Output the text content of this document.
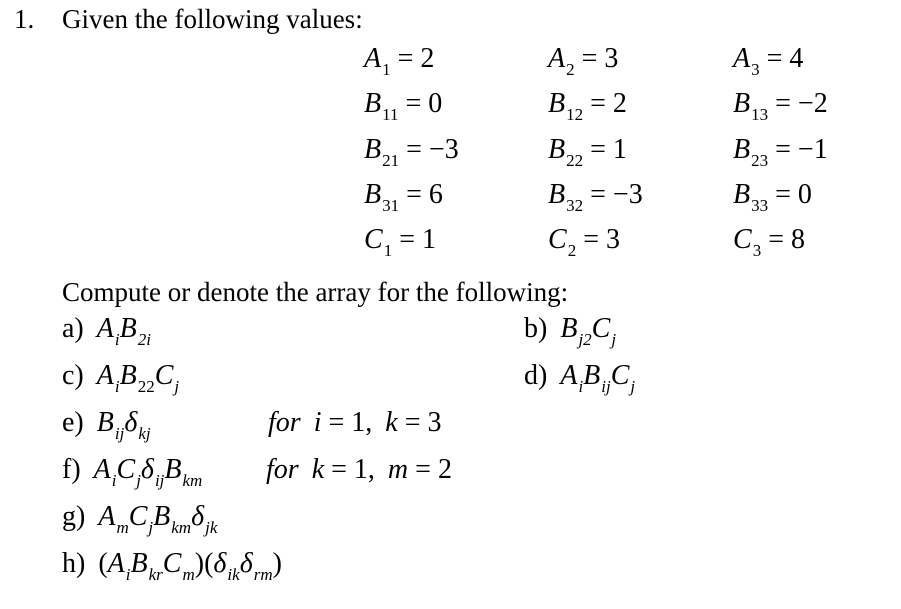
1. Given the following values:
$A_1 = 2$	$A_2 = 3$	$A_3 = 4$
$B_{11} = 0$	$B_{12} = 2$	$B_{13} = -2$
$B_{21} = -3$	$B_{22} = 1$	$B_{23} = -1$
$B_{31} = 6$	$B_{32} = -3$	$B_{33} = 0$
$C_1 = 1$	$C_2 = 3$	$C_3 = 8$
Compute or denote the array for the following:
a) $A_iB_{2i}$	b) $B_{j2}C_j$
c) $A_iB_{22}C_j$	d) $A_iB_{ij}C_j$
e) $B_{ij}\delta_{kj}$	for i = 1, k = 3
f) $A_iC_j\delta_{ij}B_{km}$ for k = 1, m = 2
g) $A_mC_jB_{km}\delta_{jk}$
h) $(A_iB_{kr}C_m)(\delta_{ik}\delta_{rm})$
